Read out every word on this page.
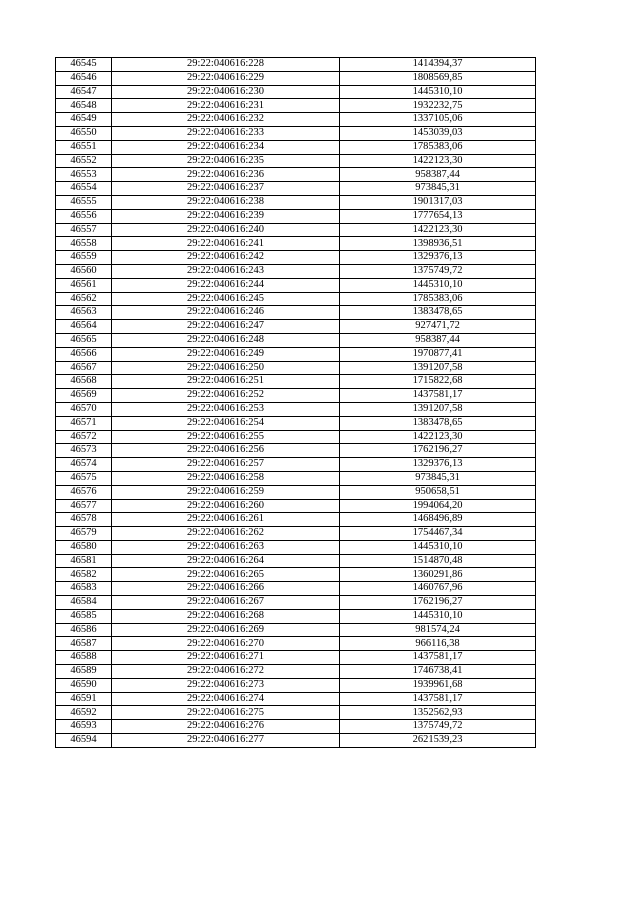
46545	29:22:040616:228	1414394,37
46546	29:22:040616:229	1808569,85
46547	29:22:040616:230	1445310,10
46548	29:22:040616:231	1932232,75
46549	29:22:040616:232	1337105,06
46550	29:22:040616:233	1453039,03
46551	29:22:040616:234	1785383,06
46552	29:22:040616:235	1422123,30
46553	29:22:040616:236	958387,44
46554	29:22:040616:237	973845,31
46555	29:22:040616:238	1901317,03
46556	29:22:040616:239	1777654,13
46557	29:22:040616:240	1422123,30
46558	29:22:040616:241	1398936,51
46559	29:22:040616:242	1329376,13
46560	29:22:040616:243	1375749,72
46561	29:22:040616:244	1445310,10
46562	29:22:040616:245	1785383,06
46563	29:22:040616:246	1383478,65
46564	29:22:040616:247	927471,72
46565	29:22:040616:248	958387,44
46566	29:22:040616:249	1970877,41
46567	29:22:040616:250	1391207,58
46568	29:22:040616:251	1715822,68
46569	29:22:040616:252	1437581,17
46570	29:22:040616:253	1391207,58
46571	29:22:040616:254	1383478,65
46572	29:22:040616:255	1422123,30
46573	29:22:040616:256	1762196,27
46574	29:22:040616:257	1329376,13
46575	29:22:040616:258	973845,31
46576	29:22:040616:259	950658,51
46577	29:22:040616:260	1994064,20
46578	29:22:040616:261	1468496,89
46579	29:22:040616:262	1754467,34
46580	29:22:040616:263	1445310,10
46581	29:22:040616:264	1514870,48
46582	29:22:040616:265	1360291,86
46583	29:22:040616:266	1460767,96
46584	29:22:040616:267	1762196,27
46585	29:22:040616:268	1445310,10
46586	29:22:040616:269	981574,24
46587	29:22:040616:270	966116,38
46588	29:22:040616:271	1437581,17
46589	29:22:040616:272	1746738,41
46590	29:22:040616:273	1939961,68
46591	29:22:040616:274	1437581,17
46592	29:22:040616:275	1352562,93
46593	29:22:040616:276	1375749,72
46594	29:22:040616:277	2621539,23
